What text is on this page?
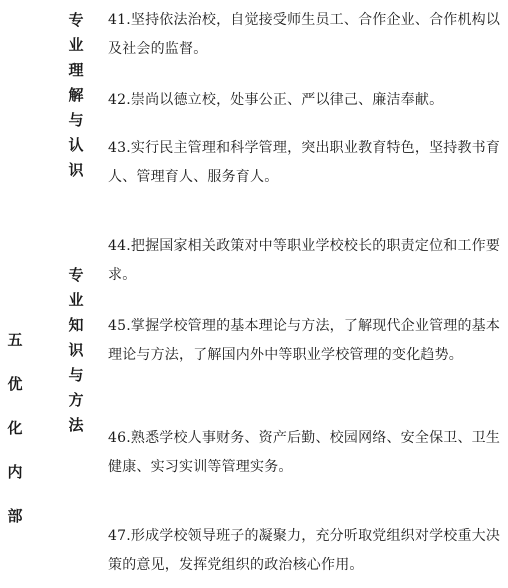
五
优
化
内
部
专
业
理
解
与
认
识
专
业
知
识
与
方
法

41.坚持依法治校，自觉接受师生员工、合作企业、合作机构以及社会的监督。

42.崇尚以德立校，处事公正、严以律己、廉洁奉献。

43.实行民主管理和科学管理，突出职业教育特色，坚持教书育人、管理育人、服务育人。

44.把握国家相关政策对中等职业学校校长的职责定位和工作要求。

45.掌握学校管理的基本理论与方法，了解现代企业管理的基本理论与方法，了解国内外中等职业学校管理的变化趋势。

46.熟悉学校人事财务、资产后勤、校园网络、安全保卫、卫生健康、实习实训等管理实务。

47.形成学校领导班子的凝聚力，充分听取党组织对学校重大决策的意见，发挥党组织的政治核心作用。
